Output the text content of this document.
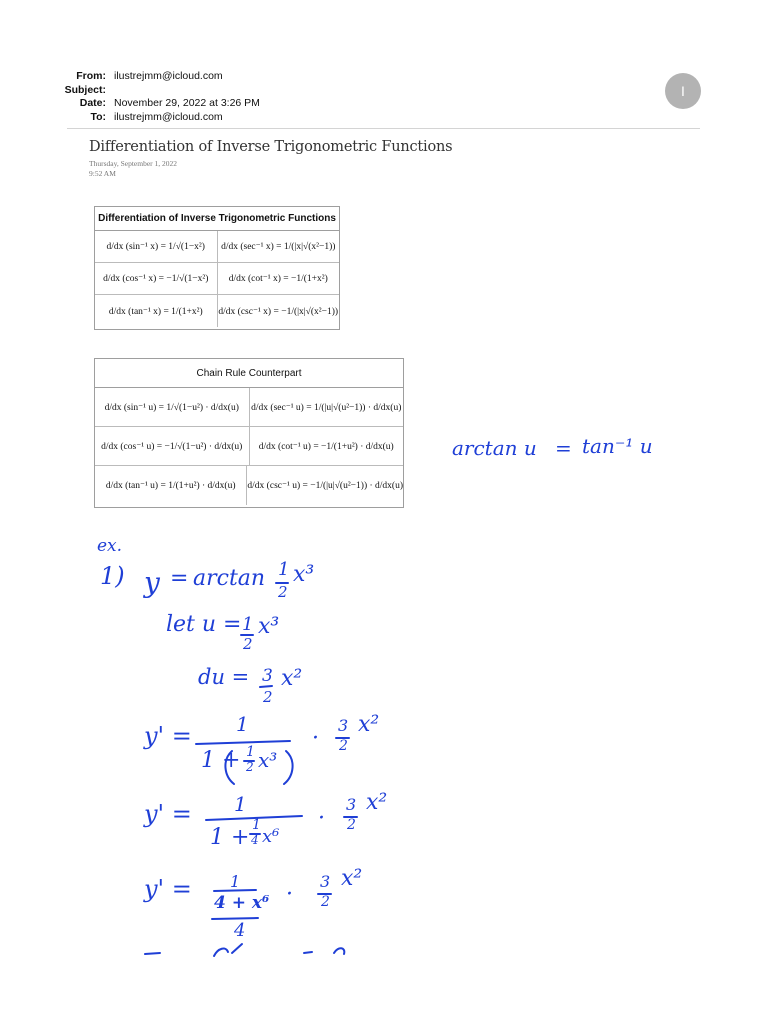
From: ilustrejmm@icloud.com
Subject:
Date: November 29, 2022 at 3:26 PM
To: ilustrejmm@icloud.com
I
Differentiation of Inverse Trigonometric Functions
Thursday, September 1, 2022
9:52 AM
Differentiation of Inverse Trigonometric Functions
d/dx (sin⁻¹ x) = 1/√(1−x²)	d/dx (sec⁻¹ x) = 1/(|x|√(x²−1))
d/dx (cos⁻¹ x) = −1/√(1−x²)	d/dx (cot⁻¹ x) = −1/(1+x²)
d/dx (tan⁻¹ x) = 1/(1+x²)	d/dx (csc⁻¹ x) = −1/(|x|√(x²−1))
Chain Rule Counterpart
d/dx (sin⁻¹ u) = 1/√(1−u²) · d/dx(u)	d/dx (sec⁻¹ u) = 1/(|u|√(u²−1)) · d/dx(u)
d/dx (cos⁻¹ u) = −1/√(1−u²) · d/dx(u)	d/dx (cot⁻¹ u) = −1/(1+u²) · d/dx(u)
d/dx (tan⁻¹ u) = 1/(1+u²) · d/dx(u)	d/dx (csc⁻¹ u) = −1/(|u|√(u²−1)) · d/dx(u)
arctan u = tan⁻¹ u
ex.
1) y = arctan 1
2
x³
let u = 1
2
x³
du = 3
2
x²
y' = 1
1 + 1
2 x³
·
3
2
x²
y' = 1
1 + 1
4 x⁶
·
3
2
x²
y' = 1
4 + x⁶
4
·
3
2
x²
